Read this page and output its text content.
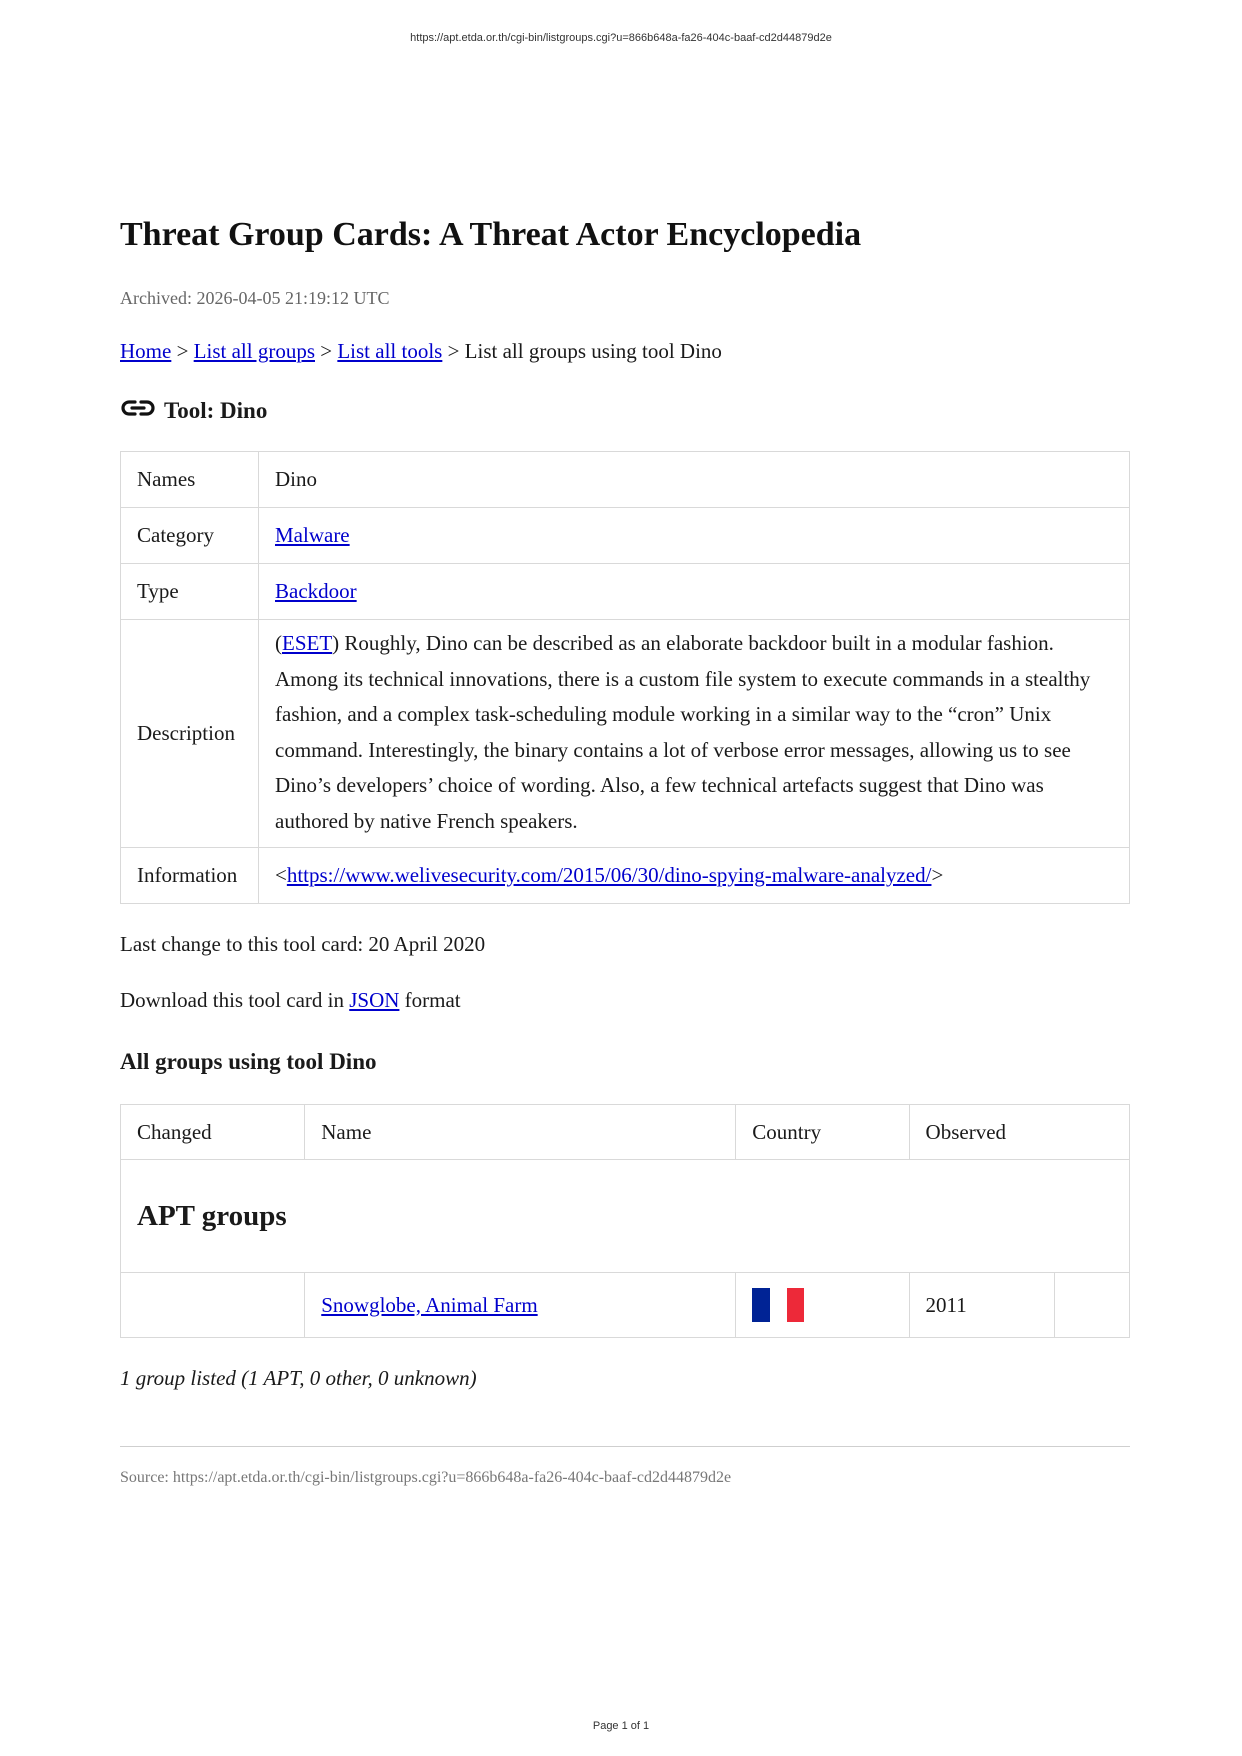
https://apt.etda.or.th/cgi-bin/listgroups.cgi?u=866b648a-fa26-404c-baaf-cd2d44879d2e
Threat Group Cards: A Threat Actor Encyclopedia
Archived: 2026-04-05 21:19:12 UTC
Home > List all groups > List all tools > List all groups using tool Dino
Tool: Dino
Names	Dino
Category	Malware
Type	Backdoor
Description	(ESET) Roughly, Dino can be described as an elaborate backdoor built in a modular fashion. Among its technical innovations, there is a custom file system to execute commands in a stealthy fashion, and a complex task-scheduling module working in a similar way to the “cron” Unix command. Interestingly, the binary contains a lot of verbose error messages, allowing us to see Dino’s developers’ choice of wording. Also, a few technical artefacts suggest that Dino was authored by native French speakers.
Information	<https://www.welivesecurity.com/2015/06/30/dino-spying-malware-analyzed/>
Last change to this tool card: 20 April 2020
Download this tool card in JSON format
All groups using tool Dino
Changed	Name	Country	Observed	
APT groups				
	Snowglobe, Animal Farm		2011	
1 group listed (1 APT, 0 other, 0 unknown)
Source: https://apt.etda.or.th/cgi-bin/listgroups.cgi?u=866b648a-fa26-404c-baaf-cd2d44879d2e
Page 1 of 1
